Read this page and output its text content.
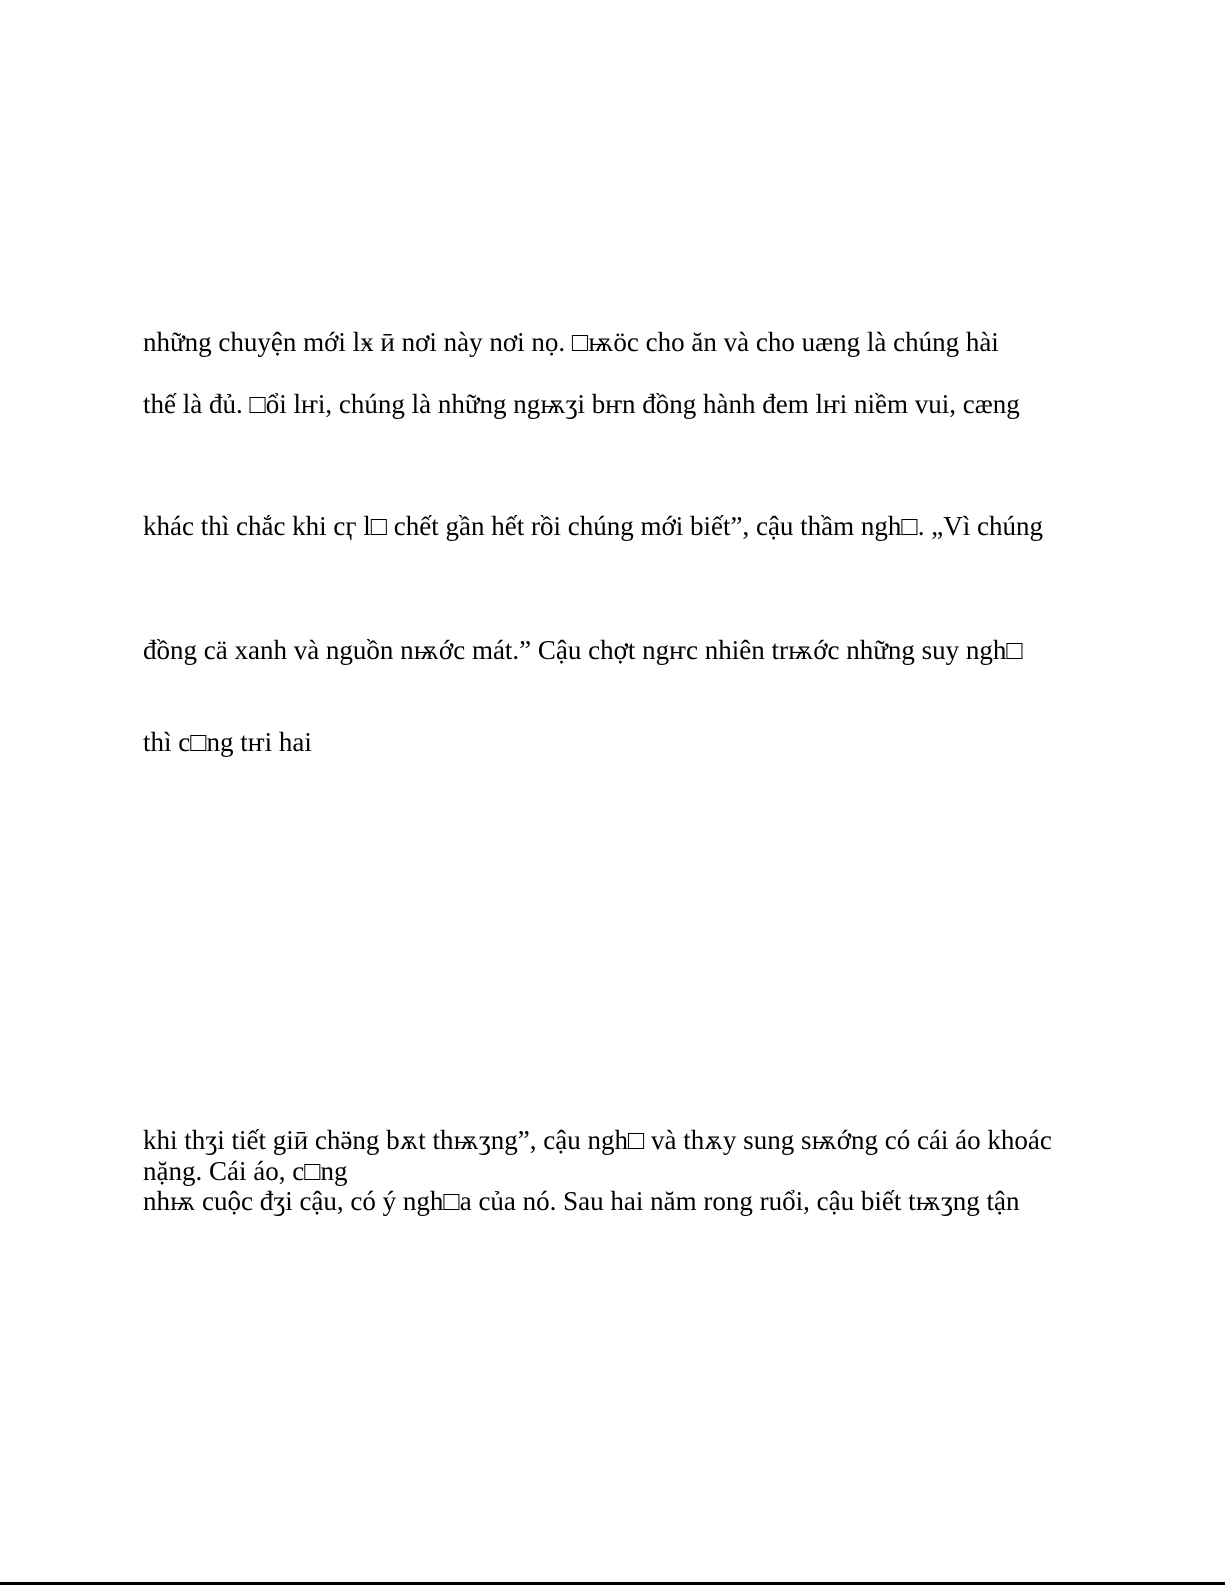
những chuyện mới lӿ ӣ nơi này nơi nọ. □ѭӧc cho ăn và cho uӕng là chúng hài

thế là đủ. □ổi lҥi, chúng là những ngѭӡi bҥn đồng hành đem lҥi niềm vui, cӕng

khác thì chắc khi cӷ l□ chết gần hết rồi chúng mới biết”, cậu thầm ngh□. „Vì chúng

đồng cӓ xanh và nguồn nѭớc mát.” Cậu chợt ngҥc nhiên trѭớc những suy ngh□

thì c□ng tҥi hai

khi thӡi tiết giӣ chӛng bѫt thѭӡng”, cậu ngh□ và thѫy sung sѭớng có cái áo khoác

nặng. Cái áo, c□ng

nhѭ cuộc đӡi cậu, có ý ngh□a của nó. Sau hai năm rong ruổi, cậu biết tѭӡng tận
